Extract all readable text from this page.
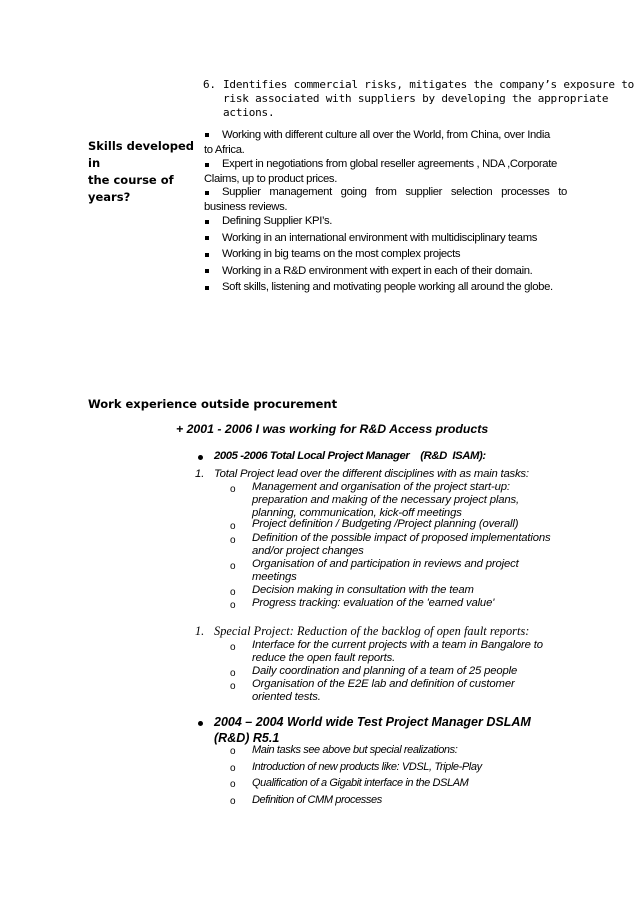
6. Identifies commercial risks, mitigates the company’s exposure to
risk associated with suppliers by developing the appropriate
actions.
Skills developed in
the course of
years?
Working with different culture all over the World, from China, over India
to Africa.
Expert in negotiations from global reseller agreements , NDA ,Corporate
Claims, up to product prices.
Supplier management going from supplier selection processes to
business reviews.
Defining Supplier KPI’s.
Working in an international environment with multidisciplinary teams
Working in big teams on the most complex projects
Working in a R&D environment with expert in each of their domain.
Soft skills, listening and motivating people working all around the globe.
Work experience outside procurement
+ 2001 - 2006 I was working for R&D Access products
2005 -2006 Total Local Project Manager    (R&D  ISAM):
1. Total Project lead over the different disciplines with as main tasks:
o Management and organisation of the project start-up:
preparation and making of the necessary project plans,
planning, communication, kick-off meetings
o Project definition / Budgeting /Project planning (overall)
o Definition of the possible impact of proposed implementations
and/or project changes
o Organisation of and participation in reviews and project
meetings
o Decision making in consultation with the team
o Progress tracking: evaluation of the 'earned value'
1. Special Project: Reduction of the backlog of open fault reports:
o Interface for the current projects with a team in Bangalore to
reduce the open fault reports.
o Daily coordination and planning of a team of 25 people
o Organisation of the E2E lab and definition of customer
oriented tests.
2004 – 2004 World wide Test Project Manager DSLAM
(R&D) R5.1
o Main tasks see above but special realizations:
o Introduction of new products like: VDSL, Triple-Play
o Qualification of a Gigabit interface in the DSLAM
o Definition of CMM processes
